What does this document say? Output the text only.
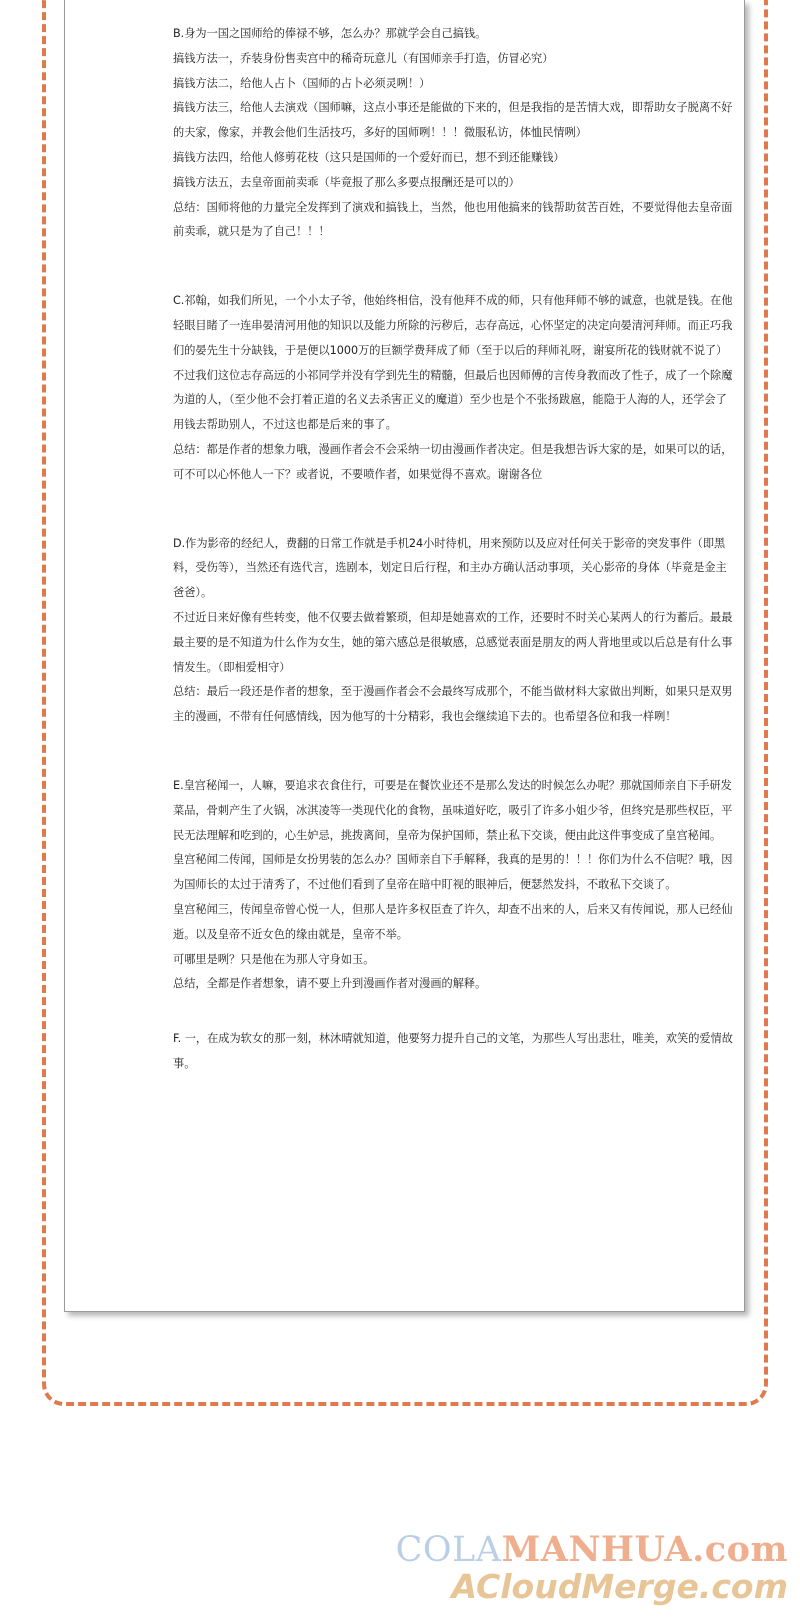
B.身为一国之国师给的俸禄不够，怎么办？那就学会自己搞钱。

搞钱方法一，乔装身份售卖宫中的稀奇玩意儿（有国师亲手打造，仿冒必究）

搞钱方法二，给他人占卜（国师的占卜必须灵咧！）

搞钱方法三，给他人去演戏（国师嘛，这点小事还是能做的下来的，但是我指的是苦情大戏，即帮助女子脱离不好的夫家，像家，并教会他们生活技巧，多好的国师咧！！！微服私访，体恤民情咧）

搞钱方法四，给他人修剪花枝（这只是国师的一个爱好而已，想不到还能赚钱）

搞钱方法五，去皇帝面前卖乖（毕竟报了那么多要点报酬还是可以的）

总结：国师将他的力量完全发挥到了演戏和搞钱上，当然，他也用他搞来的钱帮助贫苦百姓，不要觉得他去皇帝面前卖乖，就只是为了自己！！！

C.祁翰，如我们所见，一个小太子爷，他始终相信，没有他拜不成的师，只有他拜师不够的诚意，也就是钱。在他轻眼目睹了一连串晏清河用他的知识以及能力所除的污秽后，志存高远，心怀坚定的决定向晏清河拜师。而正巧我们的晏先生十分缺钱，于是便以1000万的巨额学费拜成了师（至于以后的拜师礼呀，谢宴所花的钱财就不说了）不过我们这位志存高远的小祁同学并没有学到先生的精髓，但最后也因师傅的言传身教而改了性子，成了一个除魔为道的人，（至少他不会打着正道的名义去杀害正义的魔道）至少也是个不张扬跋扈，能隐于人海的人，还学会了用钱去帮助别人，不过这也都是后来的事了。

总结：都是作者的想象力哦，漫画作者会不会采纳一切由漫画作者决定。但是我想告诉大家的是，如果可以的话，可不可以心怀他人一下？或者说，不要喷作者，如果觉得不喜欢。谢谢各位

D.作为影帝的经纪人，费翻的日常工作就是手机24小时待机，用来预防以及应对任何关于影帝的突发事件（即黑料，受伤等），当然还有选代言，选剧本，划定日后行程，和主办方确认活动事项，关心影帝的身体（毕竟是金主爸爸）。

不过近日来好像有些转变，他不仅要去做着繁琐，但却是她喜欢的工作，还要时不时关心某两人的行为蓄后。最最最主要的是不知道为什么作为女生，她的第六感总是很敏感，总感觉表面是朋友的两人背地里或以后总是有什么事情发生。（即相爱相守）

总结：最后一段还是作者的想象，至于漫画作者会不会最终写成那个，不能当做材料大家做出判断，如果只是双男主的漫画，不带有任何感情线，因为他写的十分精彩，我也会继续追下去的。也希望各位和我一样咧！

E.皇宫秘闻一，人嘛，要追求衣食住行，可要是在餐饮业还不是那么发达的时候怎么办呢？那就国师亲自下手研发菜品，骨刺产生了火锅，冰淇凌等一类现代化的食物，虽味道好吃，吸引了许多小姐少爷，但终究是那些权臣，平民无法理解和吃到的，心生妒忌，挑拨离间，皇帝为保护国师，禁止私下交谈，便由此这件事变成了皇宫秘闻。

皇宫秘闻二传闻，国师是女扮男装的怎么办？国师亲自下手解释，我真的是男的！！！你们为什么不信呢？哦，因为国师长的太过于清秀了，不过他们看到了皇帝在暗中盯视的眼神后，便瑟然发抖，不敢私下交谈了。

皇宫秘闻三，传闻皇帝曾心悦一人，但那人是许多权臣查了许久，却查不出来的人，后来又有传闻说，那人已经仙逝。以及皇帝不近女色的缘由就是，皇帝不举。

可哪里是咧？只是他在为那人守身如玉。

总结，全都是作者想象，请不要上升到漫画作者对漫画的解释。

F. 一，在成为软女的那一刻，林沐晴就知道，他要努力提升自己的文笔，为那些人写出悲壮，唯美，欢笑的爱情故事。

COLAMANHUA.com
ACloudMerge.com
